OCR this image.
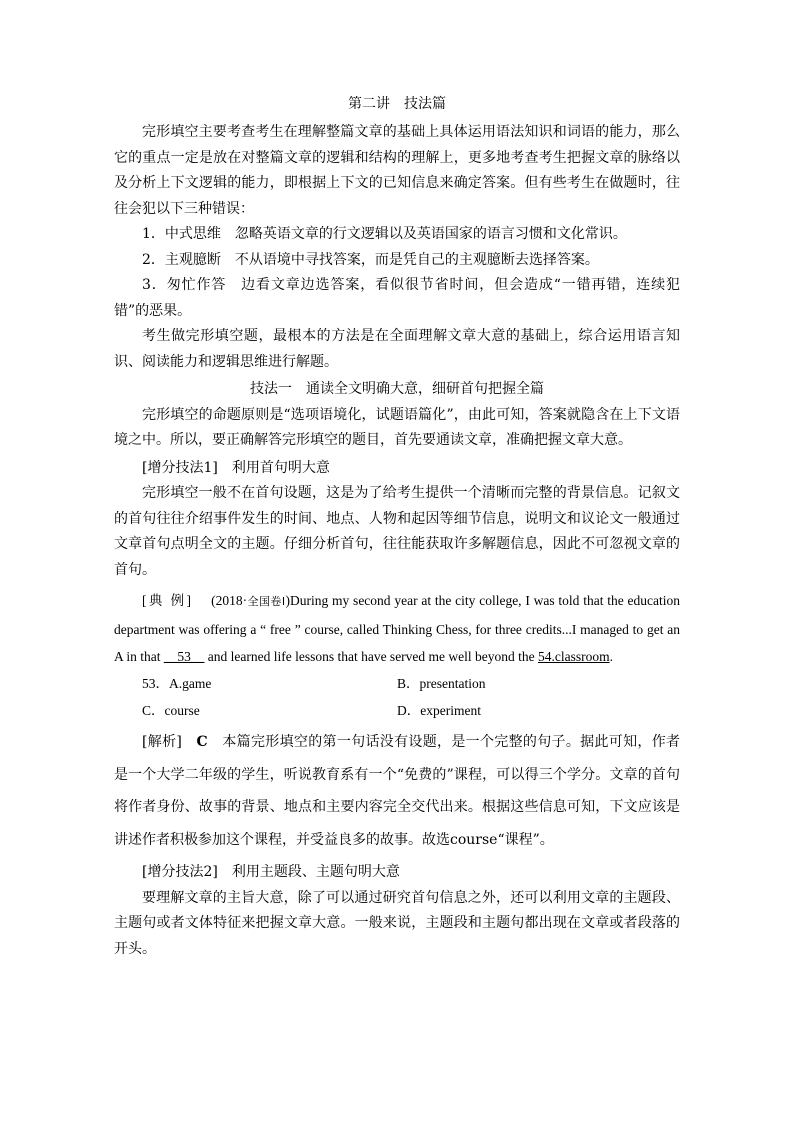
第二讲　技法篇

完形填空主要考查考生在理解整篇文章的基础上具体运用语法知识和词语的能力，那么它的重点一定是放在对整篇文章的逻辑和结构的理解上，更多地考查考生把握文章的脉络以及分析上下文逻辑的能力，即根据上下文的已知信息来确定答案。但有些考生在做题时，往往会犯以下三种错误：

1．中式思维　 忽略英语文章的行文逻辑以及英语国家的语言习惯和文化常识。

2．主观臆断　 不从语境中寻找答案，而是凭自己的主观臆断去选择答案。

3．匆忙作答　 边看文章边选答案，看似很节省时间，但会造成“一错再错，连续犯错”的恶果。

考生做完形填空题，最根本的方法是在全面理解文章大意的基础上，综合运用语言知识、阅读能力和逻辑思维进行解题。

技法一　通读全文明确大意，细研首句把握全篇

完形填空的命题原则是“选项语境化，试题语篇化”，由此可知，答案就隐含在上下文语境之中。所以，要正确解答完形填空的题目，首先要通读文章，准确把握文章大意。

[增分技法1]　 利用首句明大意

完形填空一般不在首句设题，这是为了给考生提供一个清晰而完整的背景信息。记叙文的首句往往介绍事件发生的时间、地点、人物和起因等细节信息，说明文和议论文一般通过文章首句点明全文的主题。仔细分析首句，往往能获取许多解题信息，因此不可忽视文章的首句。

[典 例]　 (2018·全国卷Ⅰ)During my second year at the city college, I was told that the education department was offering a “ free ” course, called Thinking Chess, for three credits...I managed to get an A in that __53__ and learned life lessons that have served me well beyond the 54.classroom.

53．A.game	B．presentation
C．course	D．experiment

[解析]　 C　 本篇完形填空的第一句话没有设题，是一个完整的句子。据此可知，作者是一个大学二年级的学生，听说教育系有一个“免费的”课程，可以得三个学分。文章的首句将作者身份、故事的背景、地点和主要内容完全交代出来。根据这些信息可知，下文应该是讲述作者积极参加这个课程，并受益良多的故事。故选course“课程”。

[增分技法2]　 利用主题段、主题句明大意

要理解文章的主旨大意，除了可以通过研究首句信息之外，还可以利用文章的主题段、主题句或者文体特征来把握文章大意。一般来说，主题段和主题句都出现在文章或者段落的开头。
